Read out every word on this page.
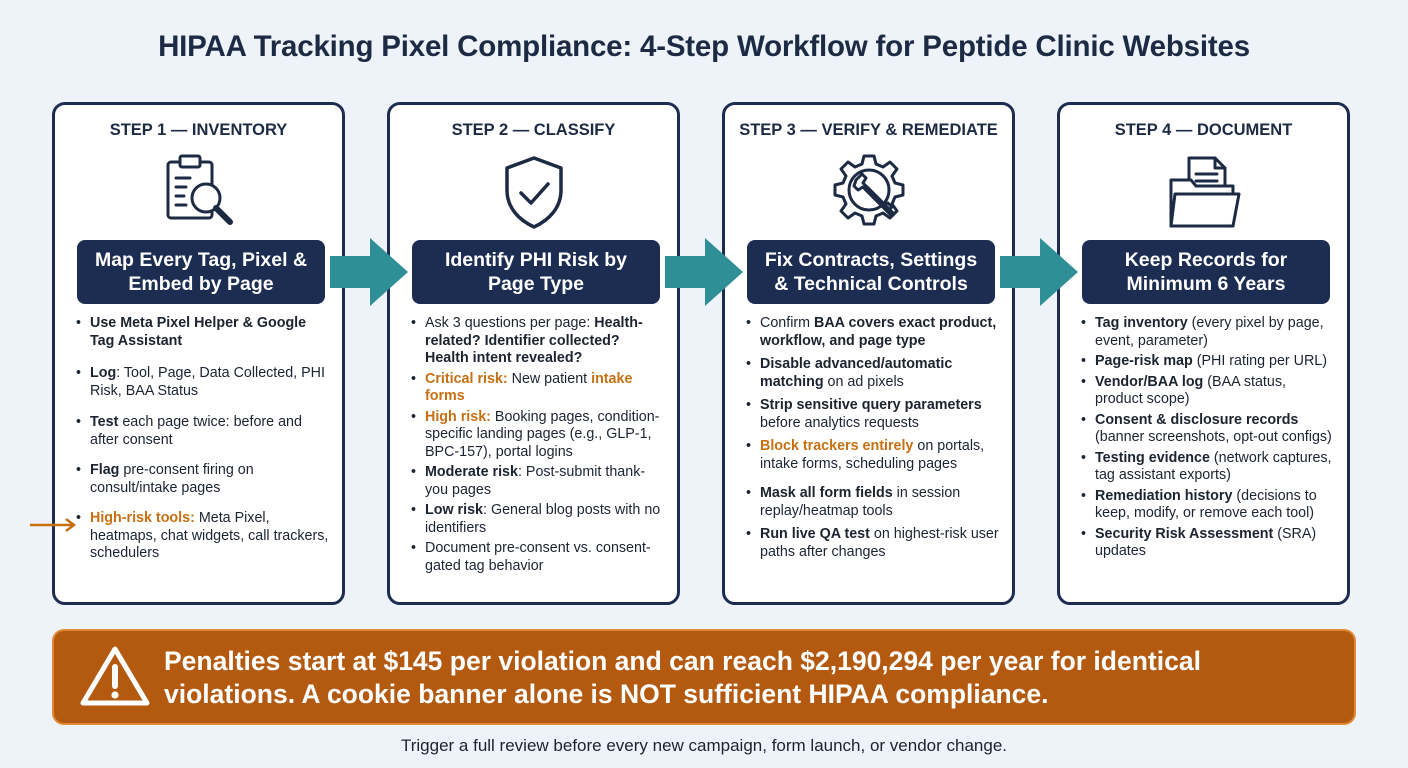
HIPAA Tracking Pixel Compliance: 4-Step Workflow for Peptide Clinic Websites
STEP 1 — INVENTORY
Map Every Tag, Pixel &
Embed by Page
• Use Meta Pixel Helper & Google Tag Assistant
• Log: Tool, Page, Data Collected, PHI Risk, BAA Status
• Test each page twice: before and after consent
• Flag pre-consent firing on consult/intake pages
• High-risk tools: Meta Pixel, heatmaps, chat widgets, call trackers, schedulers
STEP 2 — CLASSIFY
Identify PHI Risk by
Page Type
• Ask 3 questions per page: Health-related? Identifier collected? Health intent revealed?
• Critical risk: New patient intake forms
• High risk: Booking pages, condition-specific landing pages (e.g., GLP-1, BPC-157), portal logins
• Moderate risk: Post-submit thank-you pages
• Low risk: General blog posts with no identifiers
• Document pre-consent vs. consent-gated tag behavior
STEP 3 — VERIFY & REMEDIATE
Fix Contracts, Settings
& Technical Controls
• Confirm BAA covers exact product, workflow, and page type
• Disable advanced/automatic matching on ad pixels
• Strip sensitive query parameters before analytics requests
• Block trackers entirely on portals, intake forms, scheduling pages
• Mask all form fields in session replay/heatmap tools
• Run live QA test on highest-risk user paths after changes
STEP 4 — DOCUMENT
Keep Records for
Minimum 6 Years
• Tag inventory (every pixel by page, event, parameter)
• Page-risk map (PHI rating per URL)
• Vendor/BAA log (BAA status, product scope)
• Consent & disclosure records (banner screenshots, opt-out configs)
• Testing evidence (network captures, tag assistant exports)
• Remediation history (decisions to keep, modify, or remove each tool)
• Security Risk Assessment (SRA) updates
Penalties start at $145 per violation and can reach $2,190,294 per year for identical violations. A cookie banner alone is NOT sufficient HIPAA compliance.
Trigger a full review before every new campaign, form launch, or vendor change.
